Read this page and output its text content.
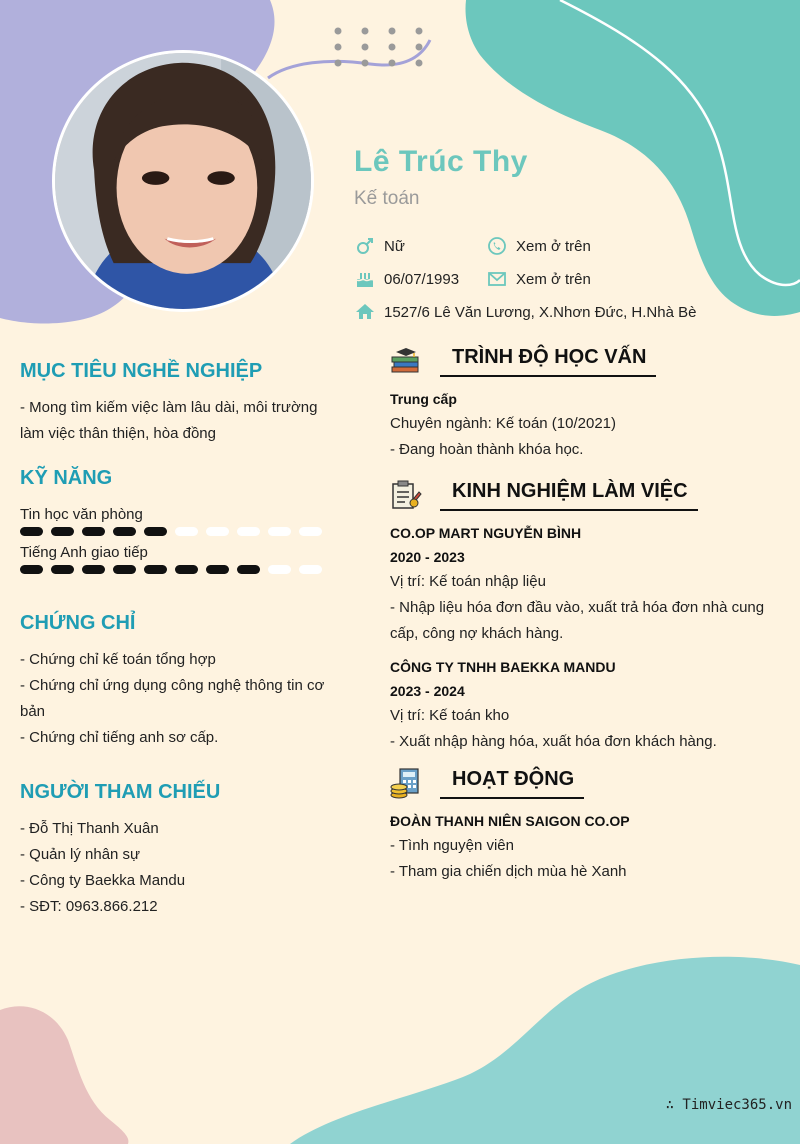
Lê Trúc Thy
Kế toán
Nữ	Xem ở trên
06/07/1993	Xem ở trên
1527/6 Lê Văn Lương, X.Nhơn Đức, H.Nhà Bè
MỤC TIÊU NGHỀ NGHIỆP
- Mong tìm kiếm việc làm lâu dài, môi trường làm việc thân thiện, hòa đồng
KỸ NĂNG
Tin học văn phòng
Tiếng Anh giao tiếp
CHỨNG CHỈ
- Chứng chỉ kế toán tổng hợp
- Chứng chỉ ứng dụng công nghệ thông tin cơ bản
- Chứng chỉ tiếng anh sơ cấp.
NGƯỜI THAM CHIẾU
- Đỗ Thị Thanh Xuân
- Quản lý nhân sự
- Công ty Baekka Mandu
- SĐT: 0963.866.212
TRÌNH ĐỘ HỌC VẤN
Trung cấp
Chuyên ngành: Kế toán (10/2021)
- Đang hoàn thành khóa học.
KINH NGHIỆM LÀM VIỆC
CO.OP MART NGUYỄN BÌNH
2020 - 2023
Vị trí: Kế toán nhập liệu
- Nhập liệu hóa đơn đầu vào, xuất trả hóa đơn nhà cung cấp, công nợ khách hàng.
CÔNG TY TNHH BAEKKA MANDU
2023 - 2024
Vị trí: Kế toán kho
- Xuất nhập hàng hóa, xuất hóa đơn khách hàng.
HOẠT ĐỘNG
ĐOÀN THANH NIÊN SAIGON CO.OP
- Tình nguyện viên
- Tham gia chiến dịch mùa hè Xanh
∴ Timviec365.vn
